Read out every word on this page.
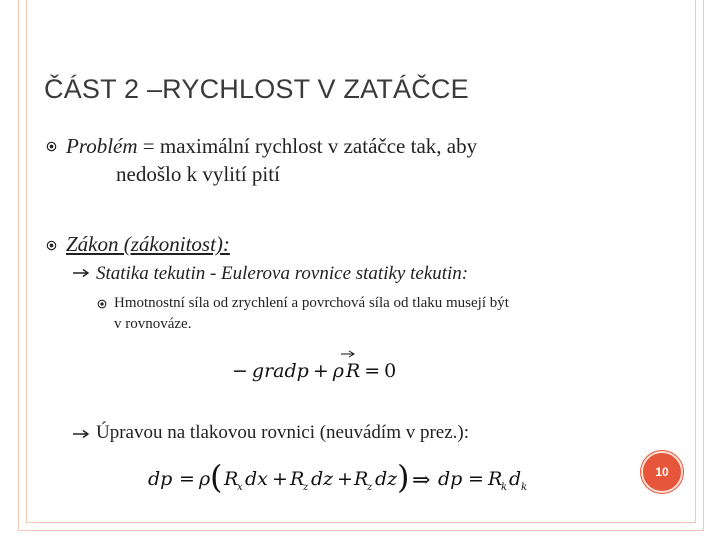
ČÁST 2 –RYCHLOST V ZATÁČCE
Problém = maximální rychlost v zatáčce tak, aby
nedošlo k vylití pití
Zákon (zákonitost):
Statika tekutin - Eulerova rovnice statiky tekutin:
Hmotnostní síla od zrychlení a povrchová síla od tlaku musejí být
v rovnováze.
− gradp + ρ R = 0
Úpravou na tlakovou rovnici (neuvádím v prez.):
dp = ρ ( R
x dx + R
z dz + R
z dz ) ⇒ dp = R
k d k
10
